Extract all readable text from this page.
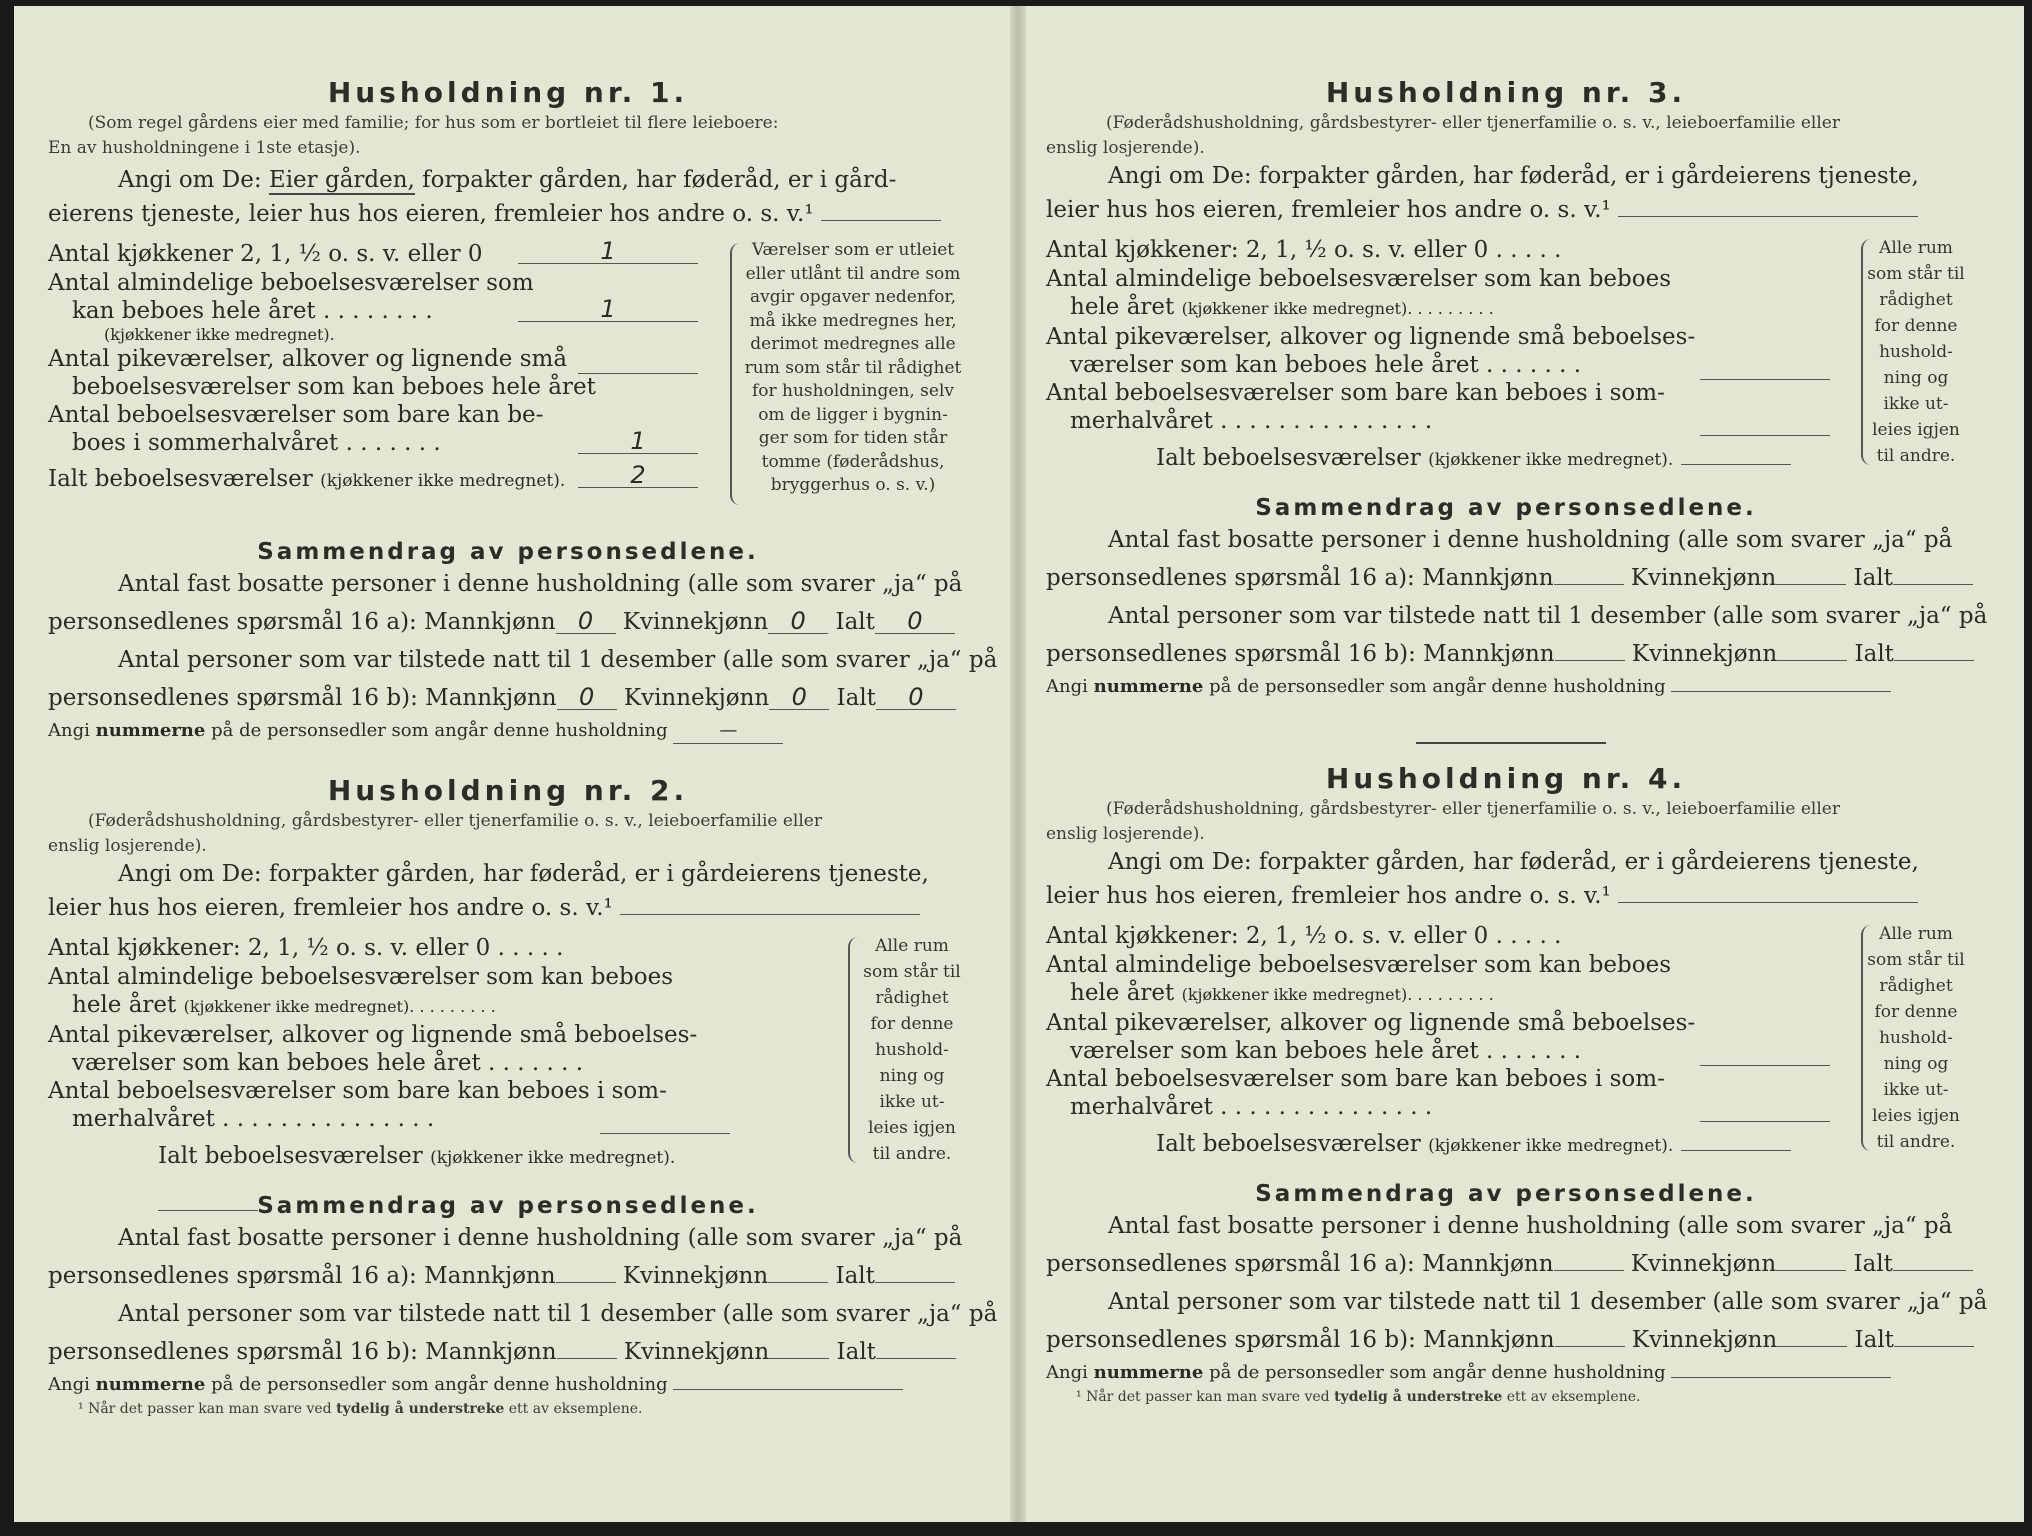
Husholdning nr. 1.
(Som regel gårdens eier med familie; for hus som er bortleiet til flere leieboere:
En av husholdningene i 1ste etasje).
Angi om De: Eier gården, forpakter gården, har føderåd, er i gård-
eierens tjeneste, leier hus hos eieren, fremleier hos andre o. s. v.¹
Antal kjøkkener 2, 1, ½ o. s. v. eller 0	1
Antal almindelige beboelsesværelser som
kan beboes hele året . . . . . . . .	1
(kjøkkener ikke medregnet).
Antal pikeværelser, alkover og lignende små
beboelsesværelser som kan beboes hele året
Antal beboelsesværelser som bare kan be-
boes i sommerhalvåret . . . . . . .	1
Ialt beboelsesværelser (kjøkkener ikke medregnet).	2
Værelser som er utleiet
eller utlånt til andre som
avgir opgaver nedenfor,
må ikke medregnes her,
derimot medregnes alle
rum som står til rådighet
for husholdningen, selv
om de ligger i bygnin-
ger som for tiden står
tomme (føderådshus,
bryggerhus o. s. v.)
Sammendrag av personsedlene.
Antal fast bosatte personer i denne husholdning (alle som svarer „ja“ på
personsedlenes spørsmål 16 a): Mannkjønn 0 Kvinnekjønn 0 Ialt 0
Antal personer som var tilstede natt til 1 desember (alle som svarer „ja“ på
personsedlenes spørsmål 16 b): Mannkjønn 0 Kvinnekjønn 0 Ialt 0
Angi nummerne på de personsedler som angår denne husholdning	—
Husholdning nr. 2.
(Føderådshusholdning, gårdsbestyrer- eller tjenerfamilie o. s. v., leieboerfamilie eller
enslig losjerende).
Angi om De: forpakter gården, har føderåd, er i gårdeierens tjeneste,
leier hus hos eieren, fremleier hos andre o. s. v.¹
Antal kjøkkener: 2, 1, ½ o. s. v. eller 0 . . . . .
Antal almindelige beboelsesværelser som kan beboes
hele året (kjøkkener ikke medregnet). . . . . . . . .
Antal pikeværelser, alkover og lignende små beboelses-
værelser som kan beboes hele året . . . . . . .
Antal beboelsesværelser som bare kan beboes i som-
merhalvåret . . . . . . . . . . . . . . .
Ialt beboelsesværelser (kjøkkener ikke medregnet).
Alle rum
som står til
rådighet
for denne
hushold-
ning og
ikke ut-
leies igjen
til andre.
Sammendrag av personsedlene.
Antal fast bosatte personer i denne husholdning (alle som svarer „ja“ på
personsedlenes spørsmål 16 a): Mannkjønn	Kvinnekjønn	Ialt
Antal personer som var tilstede natt til 1 desember (alle som svarer „ja“ på
personsedlenes spørsmål 16 b): Mannkjønn	Kvinnekjønn	Ialt
Angi nummerne på de personsedler som angår denne husholdning
¹ Når det passer kan man svare ved tydelig å understreke ett av eksemplene.
Husholdning nr. 3.
(Føderådshusholdning, gårdsbestyrer- eller tjenerfamilie o. s. v., leieboerfamilie eller
enslig losjerende).
Angi om De: forpakter gården, har føderåd, er i gårdeierens tjeneste,
leier hus hos eieren, fremleier hos andre o. s. v.¹
Antal kjøkkener: 2, 1, ½ o. s. v. eller 0 . . . . .
Antal almindelige beboelsesværelser som kan beboes
hele året (kjøkkener ikke medregnet). . . . . . . . .
Antal pikeværelser, alkover og lignende små beboelses-
værelser som kan beboes hele året . . . . . . .
Antal beboelsesværelser som bare kan beboes i som-
merhalvåret . . . . . . . . . . . . . . .
Ialt beboelsesværelser (kjøkkener ikke medregnet).
Alle rum
som står til
rådighet
for denne
hushold-
ning og
ikke ut-
leies igjen
til andre.
Sammendrag av personsedlene.
Antal fast bosatte personer i denne husholdning (alle som svarer „ja“ på
personsedlenes spørsmål 16 a): Mannkjønn	Kvinnekjønn	Ialt
Antal personer som var tilstede natt til 1 desember (alle som svarer „ja“ på
personsedlenes spørsmål 16 b): Mannkjønn	Kvinnekjønn	Ialt
Angi nummerne på de personsedler som angår denne husholdning
Husholdning nr. 4.
(Føderådshusholdning, gårdsbestyrer- eller tjenerfamilie o. s. v., leieboerfamilie eller
enslig losjerende).
Angi om De: forpakter gården, har føderåd, er i gårdeierens tjeneste,
leier hus hos eieren, fremleier hos andre o. s. v.¹
Antal kjøkkener: 2, 1, ½ o. s. v. eller 0 . . . . .
Antal almindelige beboelsesværelser som kan beboes
hele året (kjøkkener ikke medregnet). . . . . . . . .
Antal pikeværelser, alkover og lignende små beboelses-
værelser som kan beboes hele året . . . . . . .
Antal beboelsesværelser som bare kan beboes i som-
merhalvåret . . . . . . . . . . . . . . .
Ialt beboelsesværelser (kjøkkener ikke medregnet).
Alle rum
som står til
rådighet
for denne
hushold-
ning og
ikke ut-
leies igjen
til andre.
Sammendrag av personsedlene.
Antal fast bosatte personer i denne husholdning (alle som svarer „ja“ på
personsedlenes spørsmål 16 a): Mannkjønn	Kvinnekjønn	Ialt
Antal personer som var tilstede natt til 1 desember (alle som svarer „ja“ på
personsedlenes spørsmål 16 b): Mannkjønn	Kvinnekjønn	Ialt
Angi nummerne på de personsedler som angår denne husholdning
¹ Når det passer kan man svare ved tydelig å understreke ett av eksemplene.
